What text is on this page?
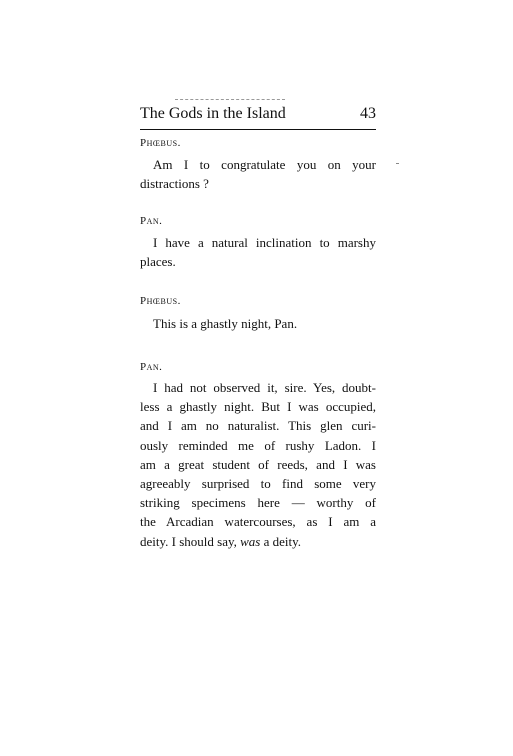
The Gods in the Island	43
Phœbus.
Am I to congratulate you on your
distractions ?
Pan.
I have a natural inclination to marshy
places.
Phœbus.
This is a ghastly night, Pan.
Pan.
I had not observed it, sire. Yes, doubt-
less a ghastly night. But I was occupied,
and I am no naturalist. This glen curi-
ously reminded me of rushy Ladon. I
am a great student of reeds, and I was
agreeably surprised to find some very
striking specimens here — worthy of
the Arcadian watercourses, as I am a
deity. I should say, was a deity.
